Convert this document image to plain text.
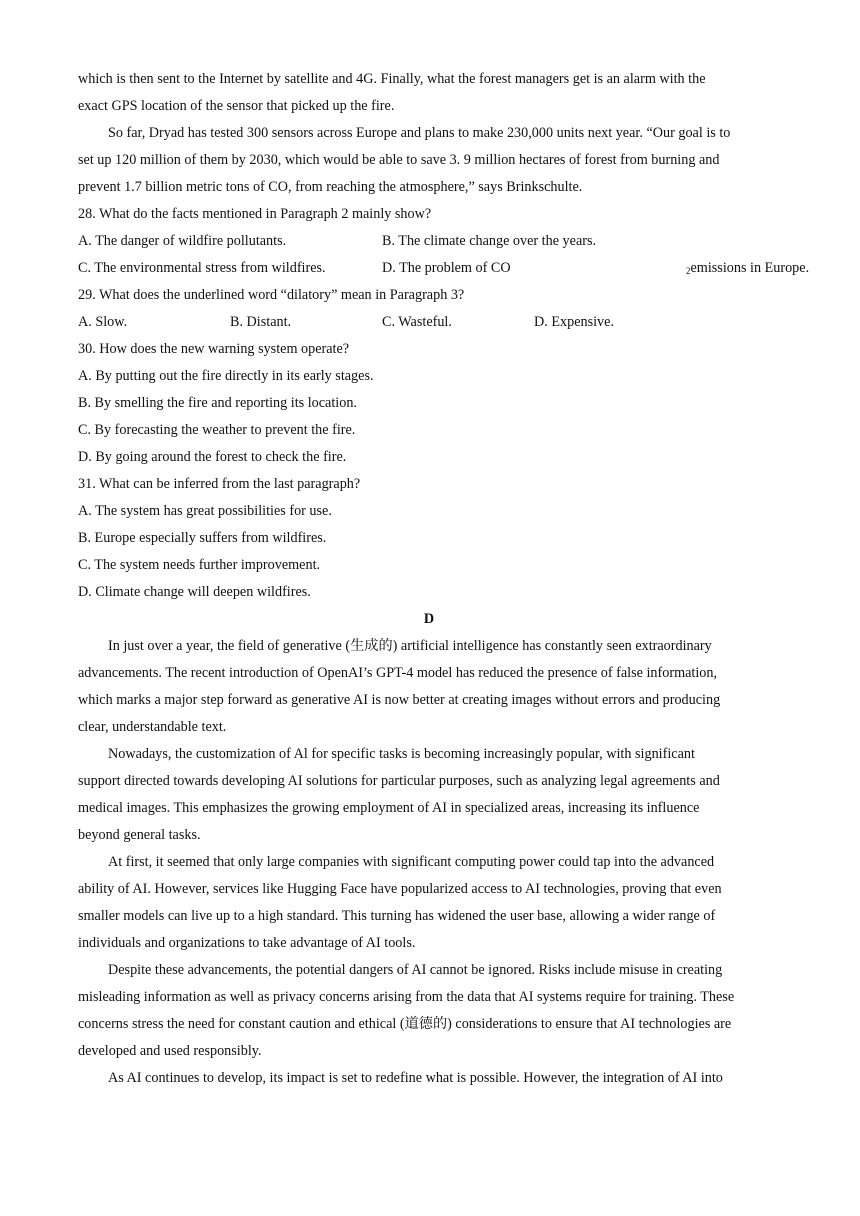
which is then sent to the Internet by satellite and 4G. Finally, what the forest managers get is an alarm with the
exact GPS location of the sensor that picked up the fire.
So far, Dryad has tested 300 sensors across Europe and plans to make 230,000 units next year. “Our goal is to
set up 120 million of them by 2030, which would be able to save 3. 9 million hectares of forest from burning and
prevent 1.7 billion metric tons of CO, from reaching the atmosphere,” says Brinkschulte.
28. What do the facts mentioned in Paragraph 2 mainly show?
A. The danger of wildfire pollutants.	B. The climate change over the years.
C. The environmental stress from wildfires.	D. The problem of CO	$_2$emissions in Europe.
29. What does the underlined word “dilatory” mean in Paragraph 3?
A. Slow.	B. Distant.	C. Wasteful.	D. Expensive.
30. How does the new warning system operate?
A. By putting out the fire directly in its early stages.
B. By smelling the fire and reporting its location.
C. By forecasting the weather to prevent the fire.
D. By going around the forest to check the fire.
31. What can be inferred from the last paragraph?
A. The system has great possibilities for use.
B. Europe especially suffers from wildfires.
C. The system needs further improvement.
D. Climate change will deepen wildfires.
D
In just over a year, the field of generative (生成的) artificial intelligence has constantly seen extraordinary
advancements. The recent introduction of OpenAI’s GPT-4 model has reduced the presence of false information,
which marks a major step forward as generative AI is now better at creating images without errors and producing
clear, understandable text.
Nowadays, the customization of Al for specific tasks is becoming increasingly popular, with significant
support directed towards developing AI solutions for particular purposes, such as analyzing legal agreements and
medical images. This emphasizes the growing employment of AI in specialized areas, increasing its influence
beyond general tasks.
At first, it seemed that only large companies with significant computing power could tap into the advanced
ability of AI. However, services like Hugging Face have popularized access to AI technologies, proving that even
smaller models can live up to a high standard. This turning has widened the user base, allowing a wider range of
individuals and organizations to take advantage of AI tools.
Despite these advancements, the potential dangers of AI cannot be ignored. Risks include misuse in creating
misleading information as well as privacy concerns arising from the data that AI systems require for training. These
concerns stress the need for constant caution and ethical (道德的) considerations to ensure that AI technologies are
developed and used responsibly.
As AI continues to develop, its impact is set to redefine what is possible. However, the integration of AI into
